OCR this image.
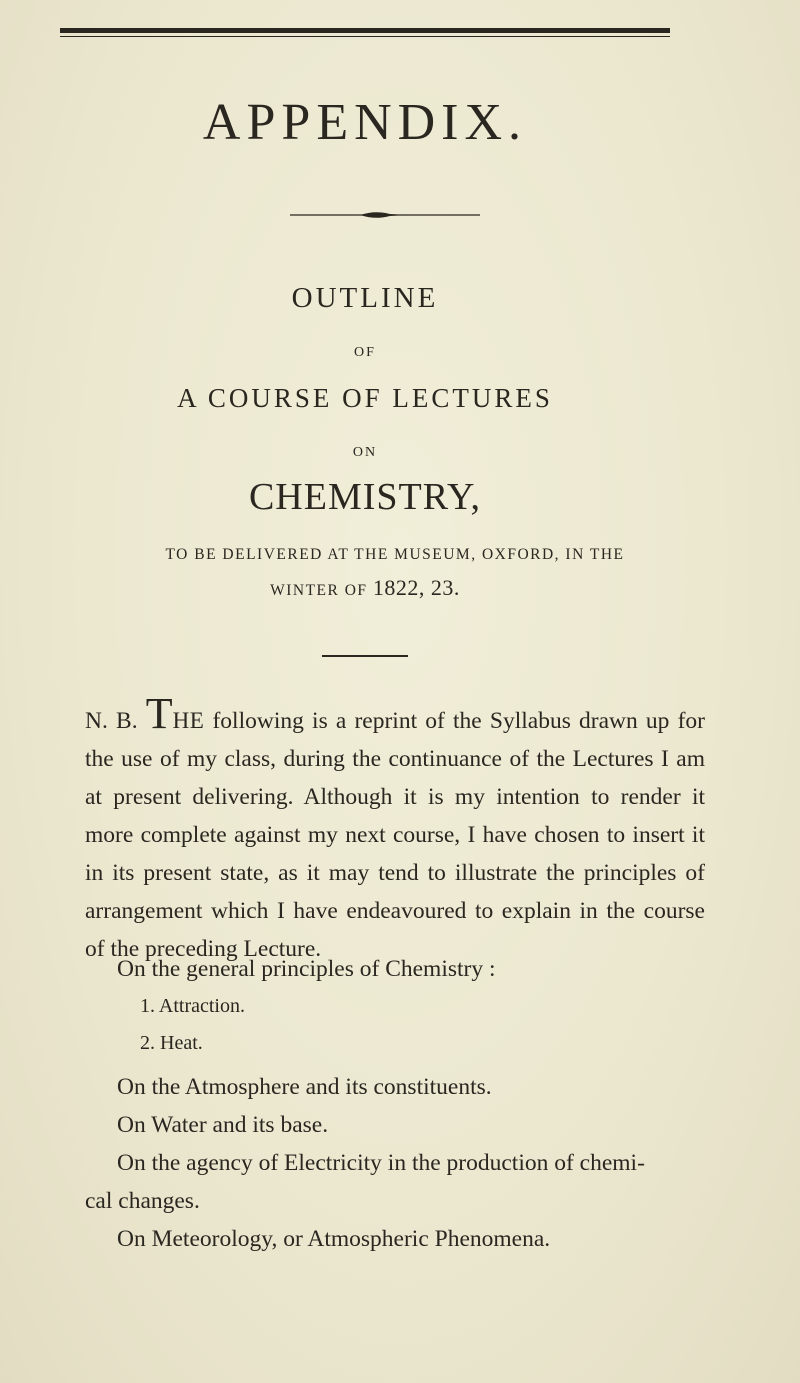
APPENDIX.
OUTLINE
OF
A COURSE OF LECTURES
ON
CHEMISTRY,
TO BE DELIVERED AT THE MUSEUM, OXFORD, IN THE
WINTER OF 1822, 23.
N. B. THE following is a reprint of the Syllabus drawn up for the use of my class, during the continuance of the Lectures I am at present delivering. Although it is my intention to render it more complete against my next course, I have chosen to insert it in its present state, as it may tend to illustrate the principles of arrangement which I have endeavoured to explain in the course of the preceding Lecture.
On the general principles of Chemistry :
1. Attraction.
2. Heat.
On the Atmosphere and its constituents.
On Water and its base.
On the agency of Electricity in the production of chemi-
cal changes.
On Meteorology, or Atmospheric Phenomena.
